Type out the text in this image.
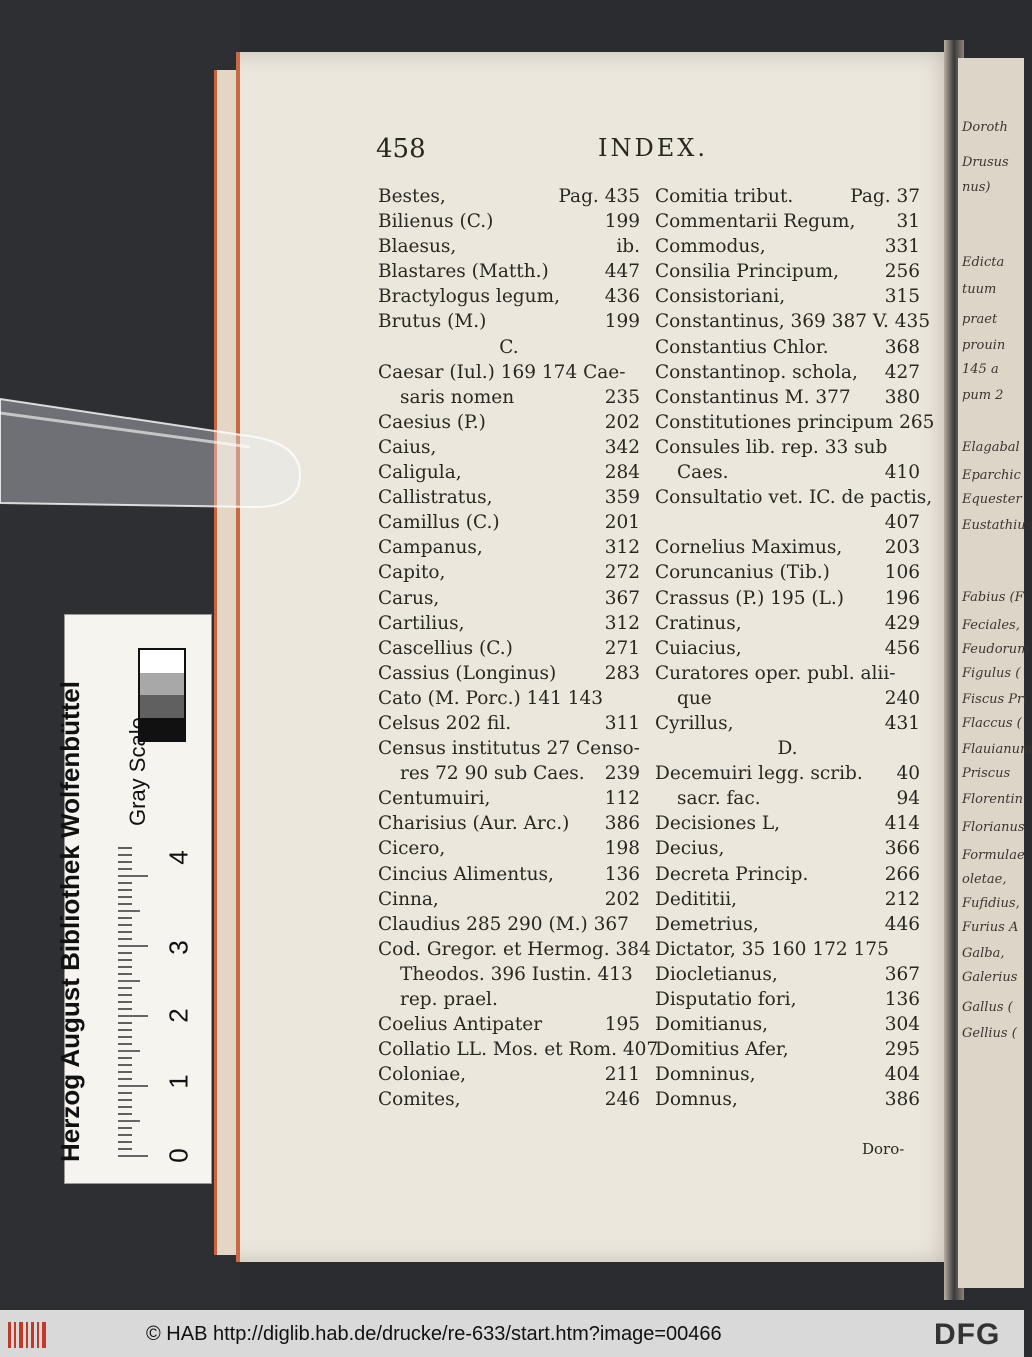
Doroth
Drusus
nus)
Edicta
tuum
praet
prouin
145 a
pum 2
Elagabal
Eparchic
Equester
Eustathius
Fabius (F
Feciales,
Feudorum
Figulus (
Fiscus Pri
Flaccus (
Flauianum
Priscus
Florentin
Florianus,
Formulae
oletae,
Fufidius,
Furius A
Galba,
Galerius
Gallus (
Gellius (
458	INDEX.
Bestes,	Pag. 435
Bilienus (C.)	199
Blaesus,	ib.
Blastares (Matth.)	447
Bractylogus legum, 436
Brutus (M.)	199
C.
Caesar (Iul.) 169 174 Cae-
saris nomen	235
Caesius (P.)	202
Caius,	342
Caligula,	284
Callistratus,	359
Camillus (C.)	201
Campanus,	312
Capito,	272
Carus,	367
Cartilius,	312
Cascellius (C.)	271
Cassius (Longinus)	283
Cato (M. Porc.) 141 143
Celsus 202 fil.	311
Census institutus 27 Censo-
res 72 90 sub Caes. 239
Centumuiri,	112
Charisius (Aur. Arc.) 386
Cicero,	198
Cincius Alimentus,	136
Cinna,	202
Claudius 285 290 (M.) 367
Cod. Gregor. et Hermog. 384
Theodos. 396 Iustin. 413
rep. prael.
Coelius Antipater	195
Collatio LL. Mos. et Rom. 407
Coloniae,	211
Comites,	246
Comitia tribut.	Pag. 37
Commentarii Regum, 31
Commodus,	331
Consilia Principum, 256
Consistoriani,	315
Constantinus, 369 387 V. 435
Constantius Chlor.	368
Constantinop. schola, 427
Constantinus M. 377 380
Constitutiones principum 265
Consules lib. rep. 33 sub
Caes.	410
Consultatio vet. IC. de pactis,
407
Cornelius Maximus, 203
Coruncanius (Tib.)	106
Crassus (P.) 195 (L.) 196
Cratinus,	429
Cuiacius,	456
Curatores oper. publ. alii-
que	240
Cyrillus,	431
D.
Decemuiri legg. scrib. 40
sacr. fac.	94
Decisiones L,	414
Decius,	366
Decreta Princip.	266
Dedititii,	212
Demetrius,	446
Dictator, 35 160 172 175
Diocletianus,	367
Disputatio fori,	136
Domitianus,	304
Domitius Afer,	295
Domninus,	404
Domnus,	386
Doro-
Herzog August Bibliothek Wolfenbüttel Gray Scale
0
1
2
3
4
© HAB http://diglib.hab.de/drucke/re-633/start.htm?image=00466	DFG
